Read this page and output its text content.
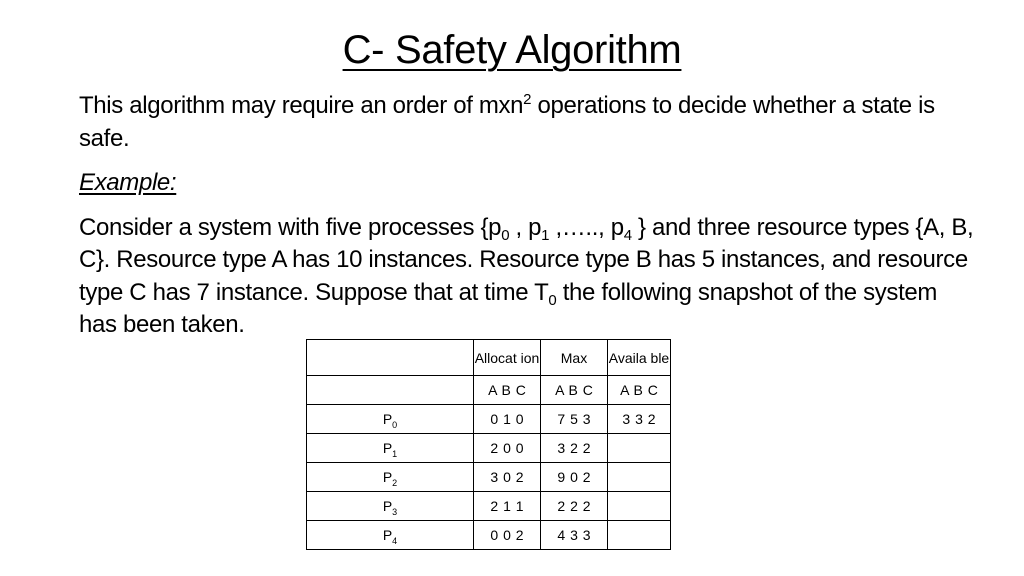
C- Safety Algorithm

This algorithm may require an order of mxn$^2$ operations to decide whether a state is safe.

Example:

Consider a system with five processes {$p_0$ , $p_1$ ,….., $p_4$ } and three resource types {A, B, C}. Resource type A has 10 instances. Resource type B has 5 instances, and resource type C has 7 instance. Suppose that at time $T_0$ the following snapshot of the system has been taken.

	Allocat ion	Max	Availa ble

	A B C	A B C	A B C
$P_0$	0 1 0	7 5 3	3 3 2
$P_1$	2 0 0	3 2 2	
$P_2$	3 0 2	9 0 2	
$P_3$	2 1 1	2 2 2	
$P_4$	0 0 2	4 3 3	
